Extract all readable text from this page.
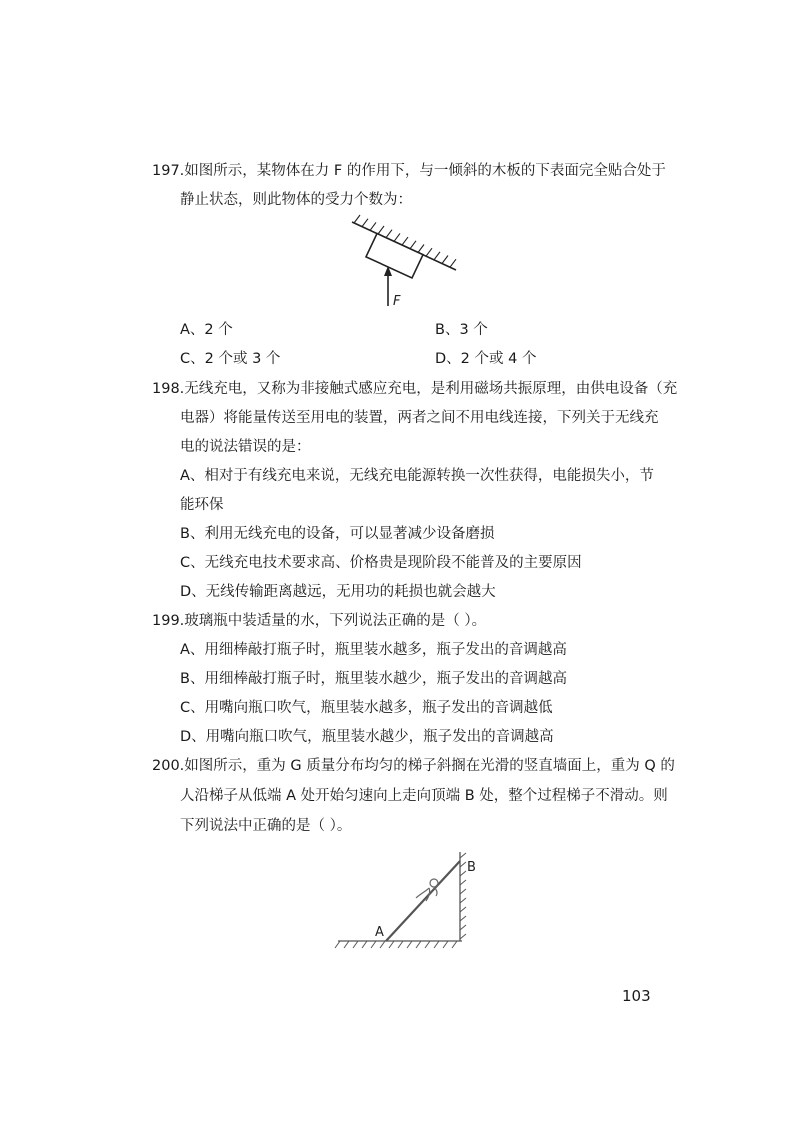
197.如图所示，某物体在力 F 的作用下，与一倾斜的木板的下表面完全贴合处于
静止状态，则此物体的受力个数为：
F
A、2 个	B、3 个
C、2 个或 3 个	D、2 个或 4 个
198.无线充电，又称为非接触式感应充电，是利用磁场共振原理，由供电设备（充
电器）将能量传送至用电的装置，两者之间不用电线连接，下列关于无线充
电的说法错误的是：
A、相对于有线充电来说，无线充电能源转换一次性获得，电能损失小，节
能环保
B、利用无线充电的设备，可以显著减少设备磨损
C、无线充电技术要求高、价格贵是现阶段不能普及的主要原因
D、无线传输距离越远，无用功的耗损也就会越大
199.玻璃瓶中装适量的水，下列说法正确的是（ ）。
A、用细棒敲打瓶子时，瓶里装水越多，瓶子发出的音调越高
B、用细棒敲打瓶子时，瓶里装水越少，瓶子发出的音调越高
C、用嘴向瓶口吹气，瓶里装水越多，瓶子发出的音调越低
D、用嘴向瓶口吹气，瓶里装水越少，瓶子发出的音调越高
200.如图所示，重为 G 质量分布均匀的梯子斜搁在光滑的竖直墙面上，重为 Q 的
人沿梯子从低端 A 处开始匀速向上走向顶端 B 处，整个过程梯子不滑动。则
下列说法中正确的是（ ）。
A
B
103
